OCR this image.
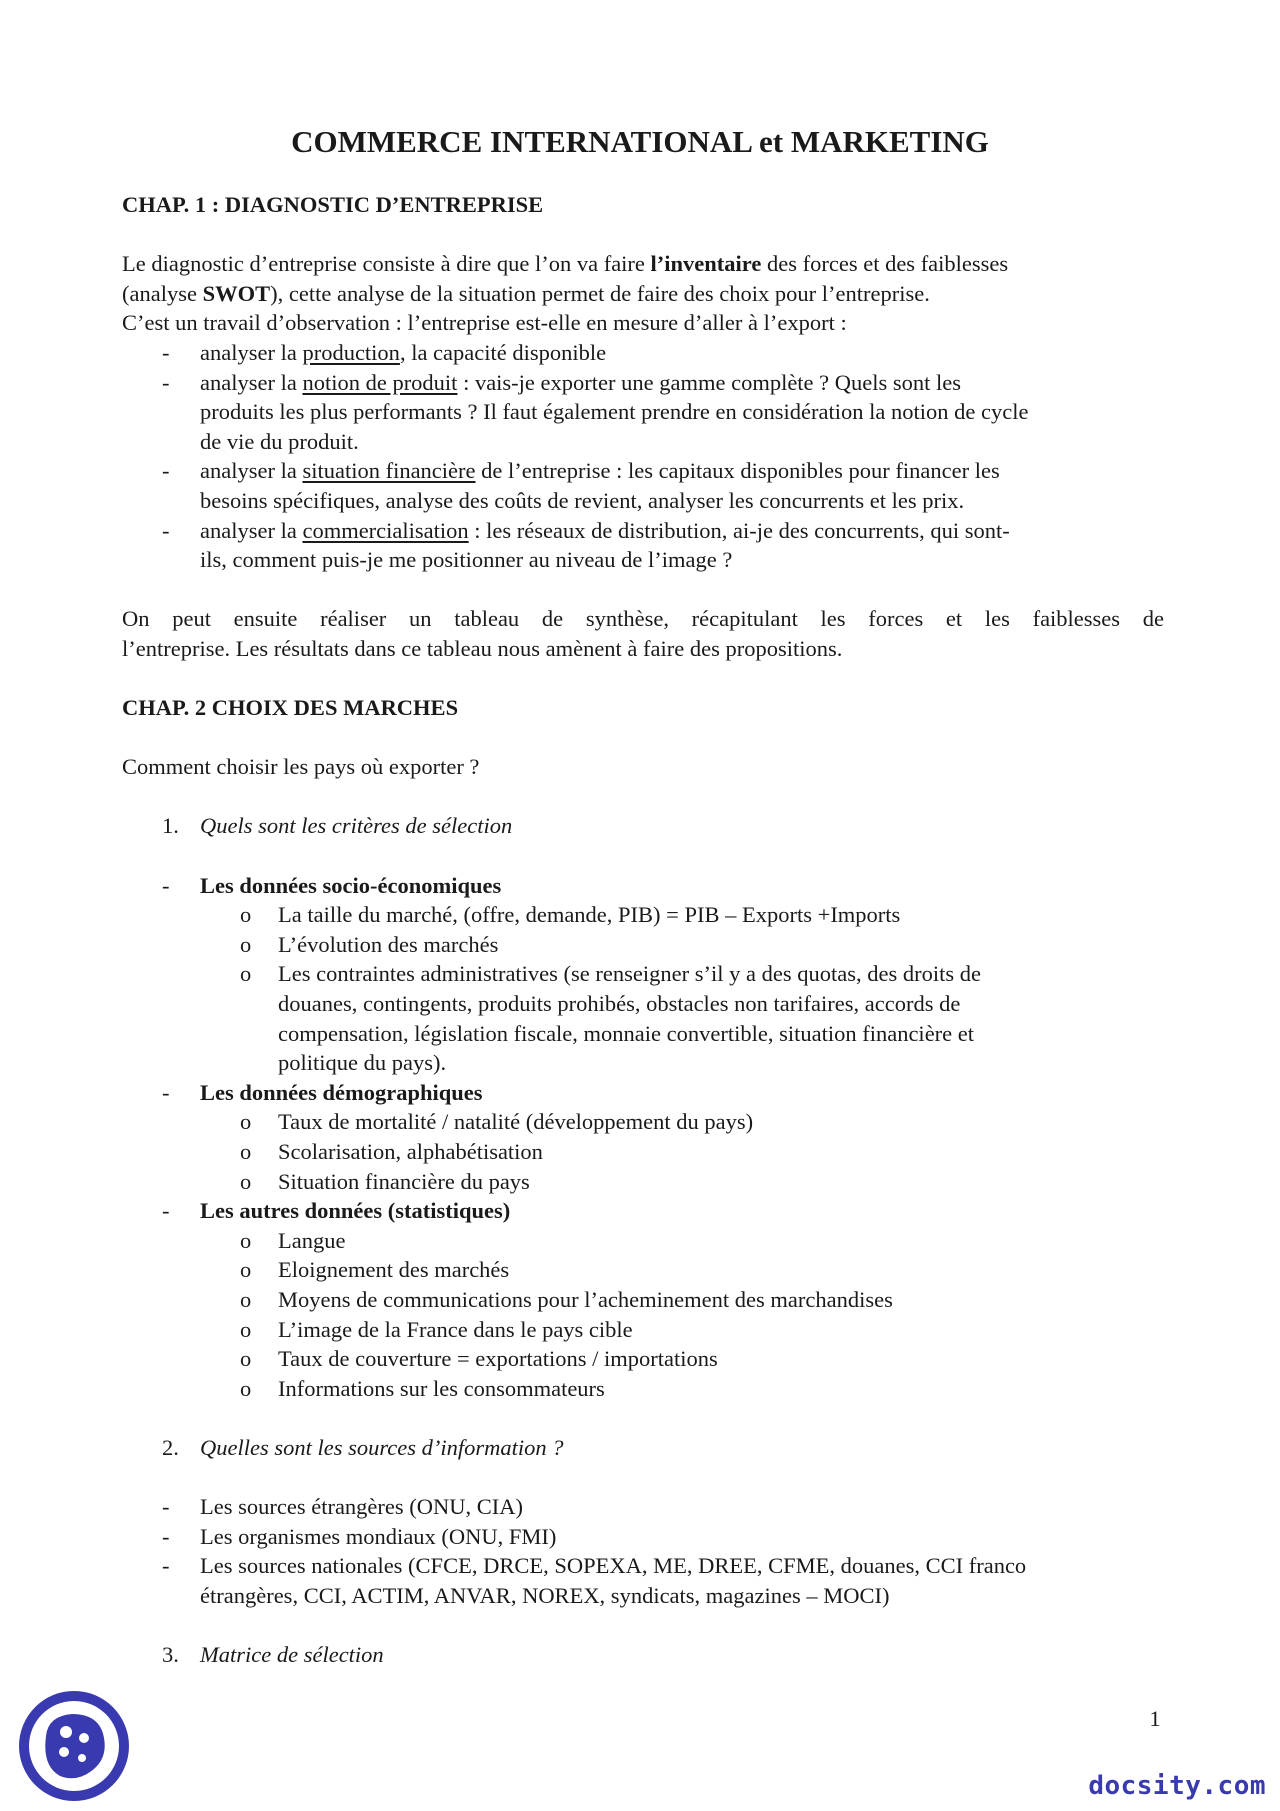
COMMERCE INTERNATIONAL et MARKETING
CHAP. 1 : DIAGNOSTIC D’ENTREPRISE
Le diagnostic d’entreprise consiste à dire que l’on va faire l’inventaire des forces et des faiblesses
(analyse SWOT), cette analyse de la situation permet de faire des choix pour l’entreprise.
C’est un travail d’observation : l’entreprise est-elle en mesure d’aller à l’export :
- analyser la production, la capacité disponible
- analyser la notion de produit : vais-je exporter une gamme complète ? Quels sont les
produits les plus performants ? Il faut également prendre en considération la notion de cycle
de vie du produit.
- analyser la situation financière de l’entreprise : les capitaux disponibles pour financer les
besoins spécifiques, analyse des coûts de revient, analyser les concurrents et les prix.
- analyser la commercialisation : les réseaux de distribution, ai-je des concurrents, qui sont-
ils, comment puis-je me positionner au niveau de l’image ?
On peut ensuite réaliser un tableau de synthèse, récapitulant les forces et les faiblesses de
l’entreprise. Les résultats dans ce tableau nous amènent à faire des propositions.
CHAP. 2 CHOIX DES MARCHES
Comment choisir les pays où exporter ?
1. Quels sont les critères de sélection
- Les données socio-économiques
o La taille du marché, (offre, demande, PIB) = PIB – Exports +Imports
o L’évolution des marchés
o Les contraintes administratives (se renseigner s’il y a des quotas, des droits de
douanes, contingents, produits prohibés, obstacles non tarifaires, accords de
compensation, législation fiscale, monnaie convertible, situation financière et
politique du pays).
- Les données démographiques
o Taux de mortalité / natalité (développement du pays)
o Scolarisation, alphabétisation
o Situation financière du pays
- Les autres données (statistiques)
o Langue
o Eloignement des marchés
o Moyens de communications pour l’acheminement des marchandises
o L’image de la France dans le pays cible
o Taux de couverture = exportations / importations
o Informations sur les consommateurs
2. Quelles sont les sources d’information ?
- Les sources étrangères (ONU, CIA)
- Les organismes mondiaux (ONU, FMI)
- Les sources nationales (CFCE, DRCE, SOPEXA, ME, DREE, CFME, douanes, CCI franco
étrangères, CCI, ACTIM, ANVAR, NOREX, syndicats, magazines – MOCI)
3. Matrice de sélection
1
docsity.com
